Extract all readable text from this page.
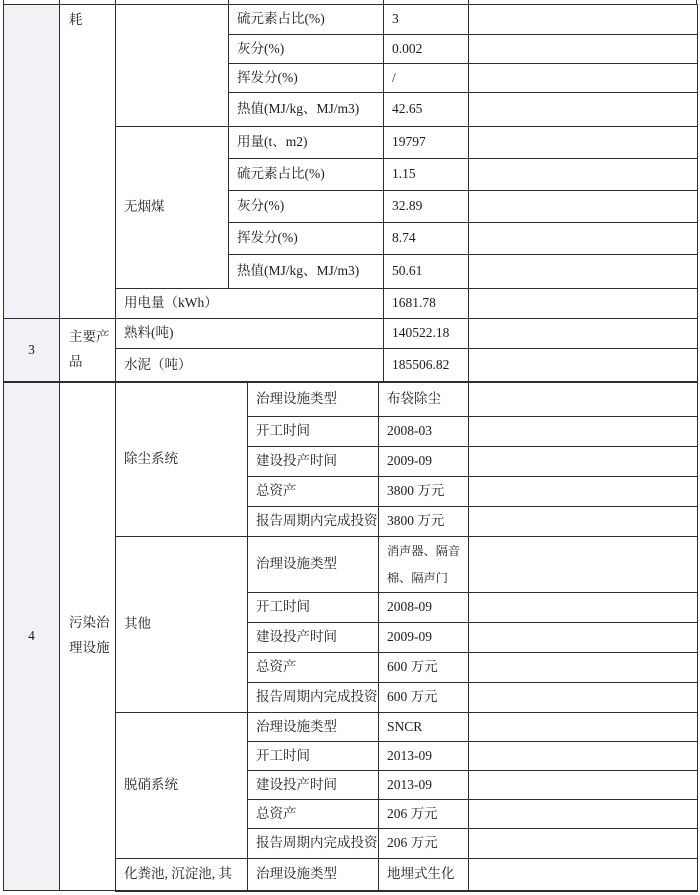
	耗		硫元素占比(%)			3	
			灰分(%)			0.002	
			挥发分(%)			/	
			热值(MJ/kg、MJ/m3)			42.65	
		无烟煤	用量(t、m2)			19797	
			硫元素占比(%)			1.15	
			灰分(%)			32.89	
			挥发分(%)			8.74	
			热值(MJ/kg、MJ/m3)			50.61	
		用电量（kWh）				1681.78	
3	主要产品	熟料(吨)				140522.18	
		水泥（吨）				185506.82	
4	污染治理设施	除尘系统		治理设施类型	布袋除尘		
				开工时间	2008-03		
				建设投产时间	2009-09		
				总资产	3800 万元		
				报告周期内完成投资	3800 万元		
		其他		治理设施类型	消声器、隔音棉、隔声门		
				开工时间	2008-09		
				建设投产时间	2009-09		
				总资产	600 万元		
				报告周期内完成投资	600 万元		
		脱硝系统		治理设施类型	SNCR		
				开工时间	2013-09		
				建设投产时间	2013-09		
				总资产	206 万元		
				报告周期内完成投资	206 万元		
		化粪池, 沉淀池, 其		治理设施类型	地埋式生化		
